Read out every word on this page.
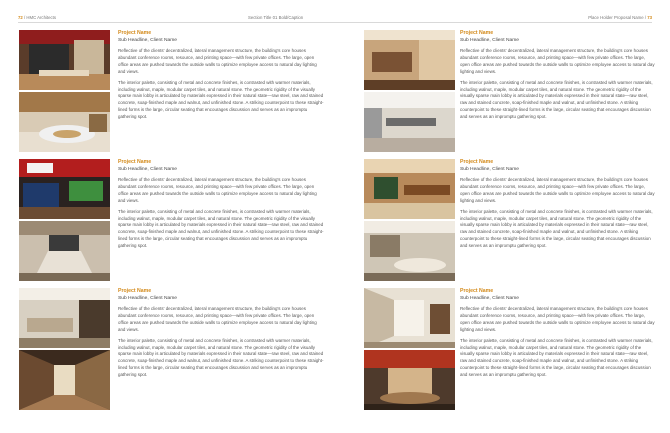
72 / HMC Architects	Section Title 01 Bold/Caption
Project Name
Sub Headline, Client Name

Reflective of the clients' decentralized, lateral management structure, the building's core houses abundant conference rooms, resource, and printing space—with few private offices. The large, open office areas are pushed towards the outside walls to optimize employee access to natural day lighting and views.

The interior palette, consisting of metal and concrete finishes, is contrasted with warmer materials, including walnut, maple, modular carpet tiles, and natural stone. The geometric rigidity of the visually sparse main lobby is articulated by materials expressed in their natural state—raw steel, raw and stained concrete, soap-finished maple and walnut, and unfinished stone. A striking counterpoint to these straight-lined forms is the large, circular seating that encourages discussion and serves as an impromptu gathering spot.

Project Name
Sub Headline, Client Name

Reflective of the clients' decentralized, lateral management structure, the building's core houses abundant conference rooms, resource, and printing space—with few private offices. The large, open office areas are pushed towards the outside walls to optimize employee access to natural day lighting and views.

The interior palette, consisting of metal and concrete finishes, is contrasted with warmer materials, including walnut, maple, modular carpet tiles, and natural stone. The geometric rigidity of the visually sparse main lobby is articulated by materials expressed in their natural state—raw steel, raw and stained concrete, soap-finished maple and walnut, and unfinished stone. A striking counterpoint to these straight-lined forms is the large, circular seating that encourages discussion and serves as an impromptu gathering spot.

Project Name
Sub Headline, Client Name

Reflective of the clients' decentralized, lateral management structure, the building's core houses abundant conference rooms, resource, and printing space—with few private offices. The large, open office areas are pushed towards the outside walls to optimize employee access to natural day lighting and views.

The interior palette, consisting of metal and concrete finishes, is contrasted with warmer materials, including walnut, maple, modular carpet tiles, and natural stone. The geometric rigidity of the visually sparse main lobby is articulated by materials expressed in their natural state—raw steel, raw and stained concrete, soap-finished maple and walnut, and unfinished stone. A striking counterpoint to these straight-lined forms is the large, circular seating that encourages discussion and serves as an impromptu gathering spot.

Place Holder Proposal Name / 73
Project Name
Sub Headline, Client Name

Reflective of the clients' decentralized, lateral management structure, the building's core houses abundant conference rooms, resource, and printing space—with few private offices. The large, open office areas are pushed towards the outside walls to optimize employee access to natural day lighting and views.

The interior palette, consisting of metal and concrete finishes, is contrasted with warmer materials, including walnut, maple, modular carpet tiles, and natural stone. The geometric rigidity of the visually sparse main lobby is articulated by materials expressed in their natural state—raw steel, raw and stained concrete, soap-finished maple and walnut, and unfinished stone. A striking counterpoint to these straight-lined forms is the large, circular seating that encourages discussion and serves as an impromptu gathering spot.

Project Name
Sub Headline, Client Name

Reflective of the clients' decentralized, lateral management structure, the building's core houses abundant conference rooms, resource, and printing space—with few private offices. The large, open office areas are pushed towards the outside walls to optimize employee access to natural day lighting and views.

The interior palette, consisting of metal and concrete finishes, is contrasted with warmer materials, including walnut, maple, modular carpet tiles, and natural stone. The geometric rigidity of the visually sparse main lobby is articulated by materials expressed in their natural state—raw steel, raw and stained concrete, soap-finished maple and walnut, and unfinished stone. A striking counterpoint to these straight-lined forms is the large, circular seating that encourages discussion and serves as an impromptu gathering spot.

Project Name
Sub Headline, Client Name

Reflective of the clients' decentralized, lateral management structure, the building's core houses abundant conference rooms, resource, and printing space—with few private offices. The large, open office areas are pushed towards the outside walls to optimize employee access to natural day lighting and views.

The interior palette, consisting of metal and concrete finishes, is contrasted with warmer materials, including walnut, maple, modular carpet tiles, and natural stone. The geometric rigidity of the visually sparse main lobby is articulated by materials expressed in their natural state—raw steel, raw and stained concrete, soap-finished maple and walnut, and unfinished stone. A striking counterpoint to these straight-lined forms is the large, circular seating that encourages discussion and serves as an impromptu gathering spot.
